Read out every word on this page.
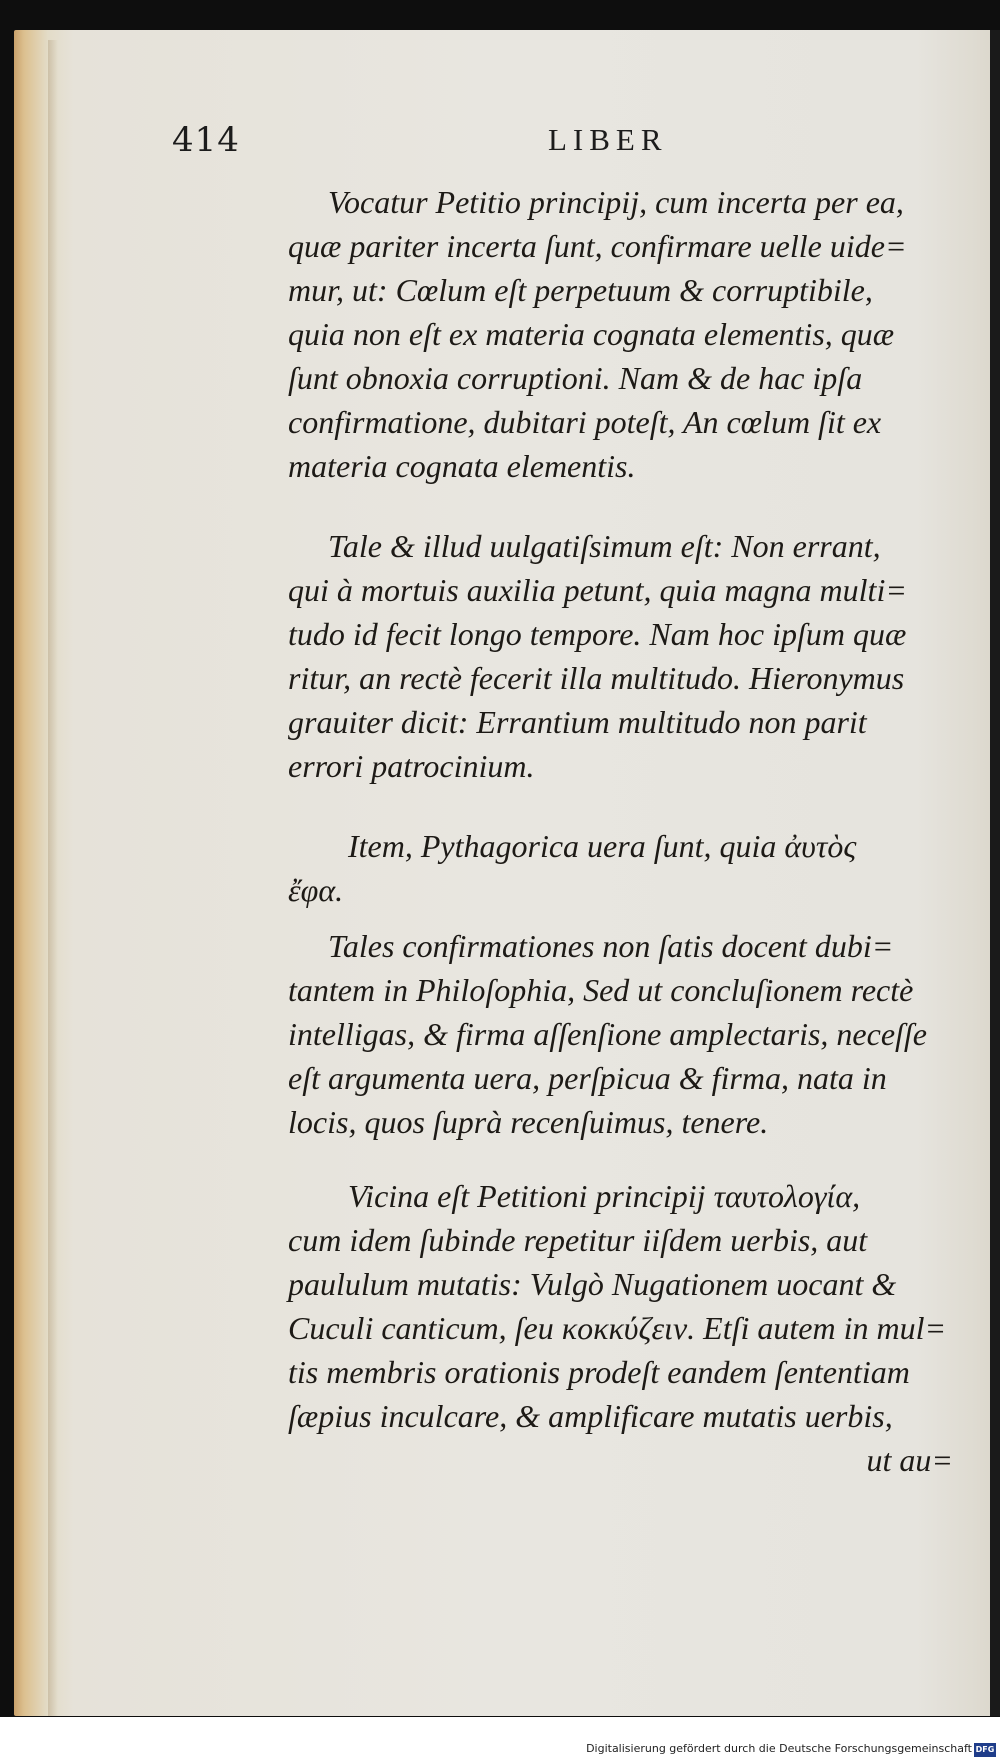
414	LIBER
Vocatur Petitio principij, cum incerta per ea,
quæ pariter incerta ſunt, confirmare uelle uide=
mur, ut: Cœlum eſt perpetuum & corruptibile,
quia non eſt ex materia cognata elementis, quæ
ſunt obnoxia corruptioni. Nam & de hac ipſa
confirmatione, dubitari poteſt, An cœlum ſit ex
materia cognata elementis.
Tale & illud uulgatiſsimum eſt: Non errant,
qui à mortuis auxilia petunt, quia magna multi=
tudo id fecit longo tempore. Nam hoc ipſum quæ
ritur, an rectè fecerit illa multitudo. Hieronymus
grauiter dicit: Errantium multitudo non parit
errori patrocinium.
Item, Pythagorica uera ſunt, quia ἀυτὸς
ἔφα.
Tales confirmationes non ſatis docent dubi=
tantem in Philoſophia, Sed ut concluſionem rectè
intelligas, & firma aſſenſione amplectaris, neceſſe
eſt argumenta uera, perſpicua & firma, nata in
locis, quos ſuprà recenſuimus, tenere.
Vicina eſt Petitioni principij ταυτολογία,
cum idem ſubinde repetitur iiſdem uerbis, aut
paululum mutatis: Vulgò Nugationem uocant &
Cuculi canticum, ſeu κοκκύζειν. Etſi autem in mul=
tis membris orationis prodeſt eandem ſententiam
ſæpius inculcare, & amplificare mutatis uerbis,
ut au=
Digitalisierung gefördert durch die Deutsche Forschungsgemeinschaft DFG
